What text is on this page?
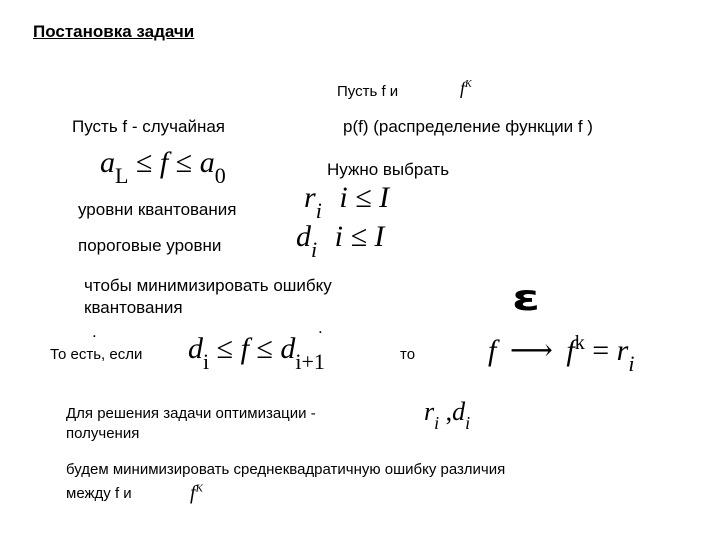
Постановка задачи
Пусть f и	$f^K$
Пусть f - случайная	p(f) (распределение функции f )
$a_L \le f \le a_0$	Нужно выбрать
уровни квантования $r_i$ i ≤ I
пороговые уровни $d_i$ i ≤ I
чтобы минимизировать ошибку
квантования	ε
.	.
То есть, если $d_i \le f \le d_{i+1}$	то f ⟶ $f^k = r_i$
Для решения задачи оптимизации -
получения
$r_i$ $,d_i$
будем минимизировать среднеквадратичную ошибку различия
между f и	$f^K$
